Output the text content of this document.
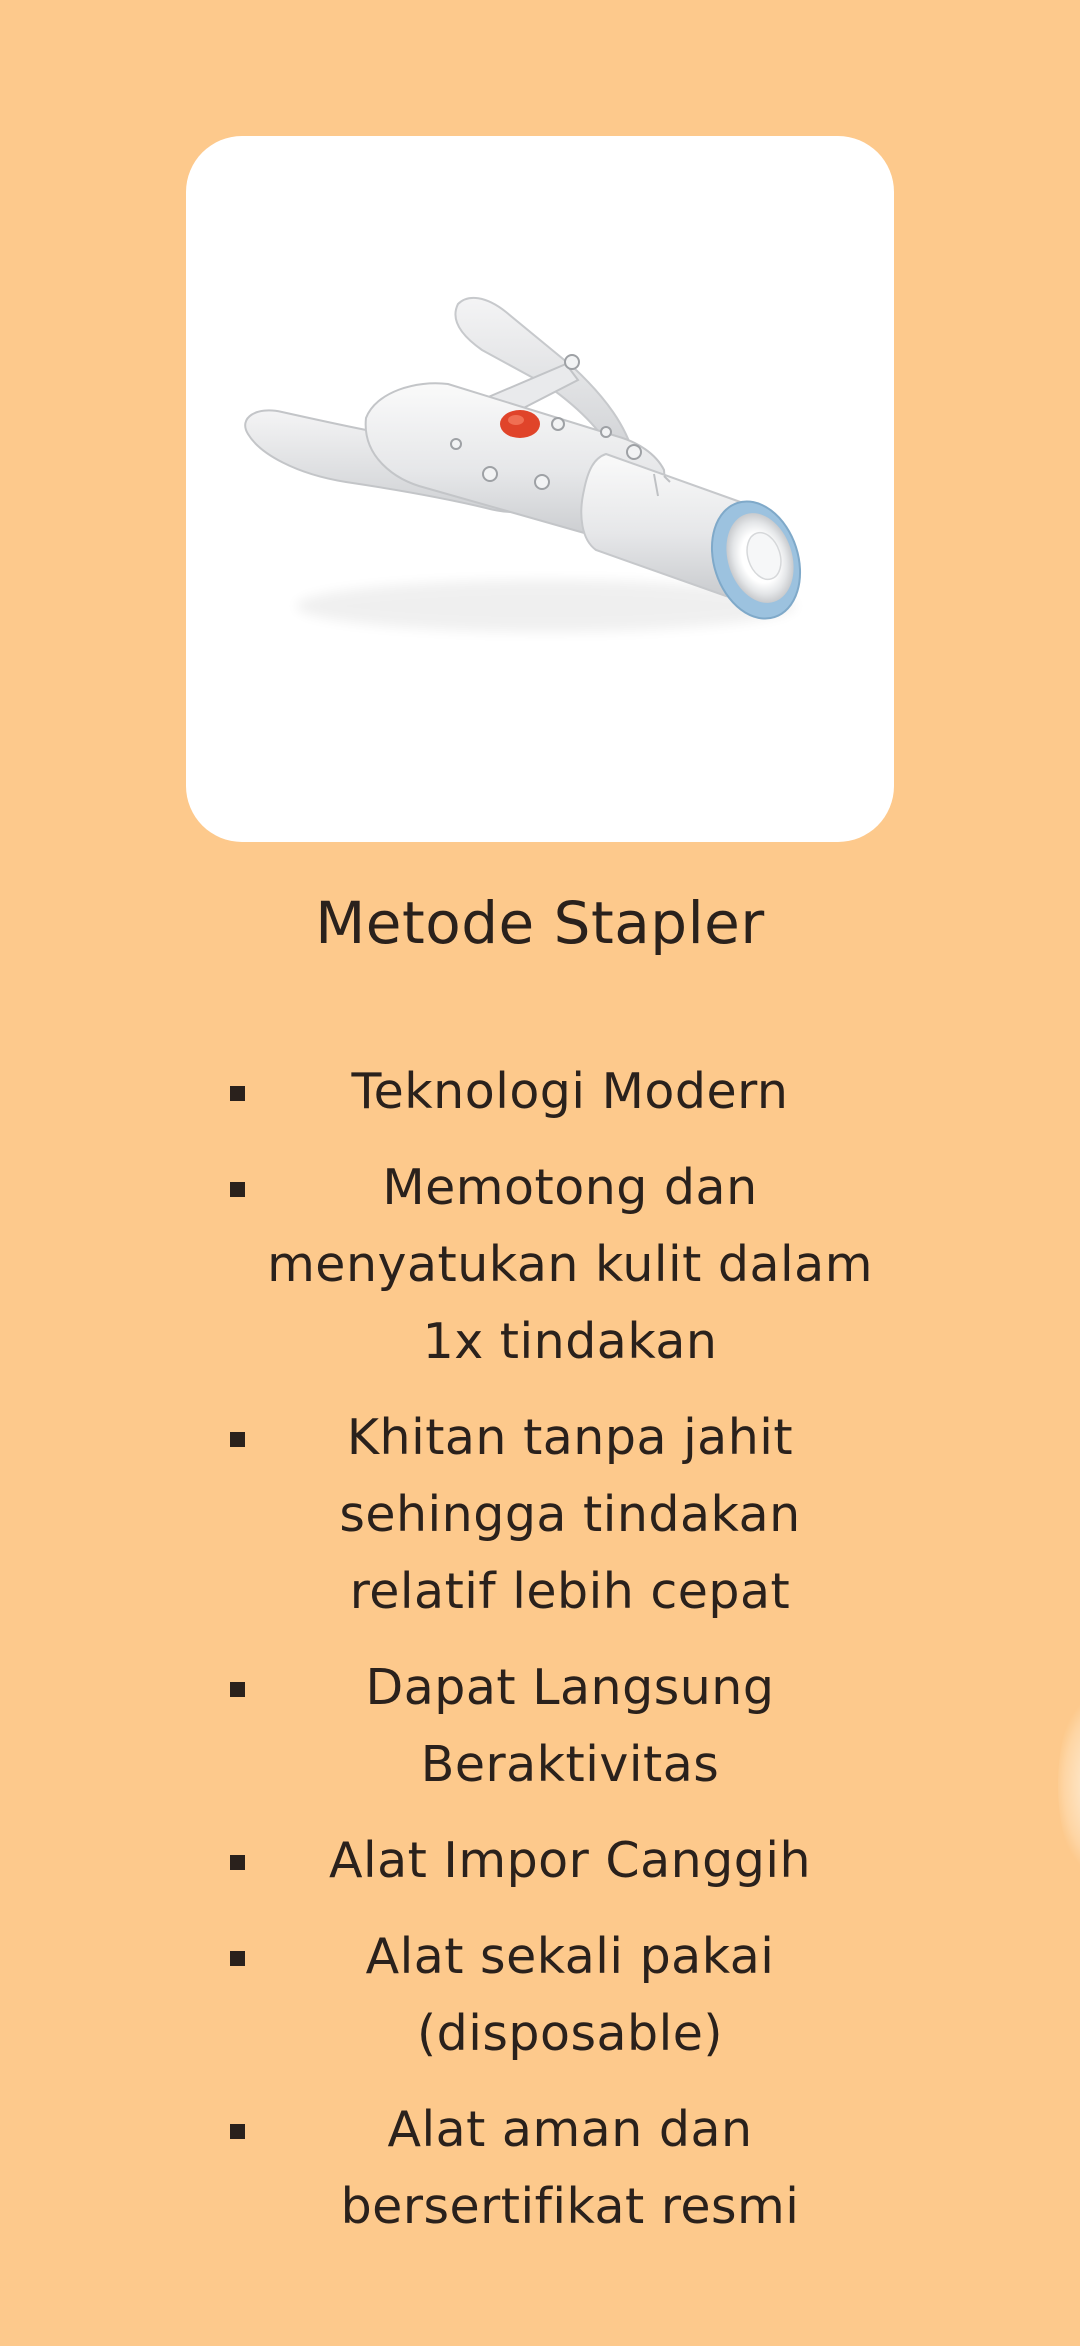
Metode Stapler
Teknologi Modern
Memotong dan menyatukan kulit dalam 1x tindakan
Khitan tanpa jahit sehingga tindakan relatif lebih cepat
Dapat Langsung Beraktivitas
Alat Impor Canggih
Alat sekali pakai (disposable)
Alat aman dan bersertifikat resmi
